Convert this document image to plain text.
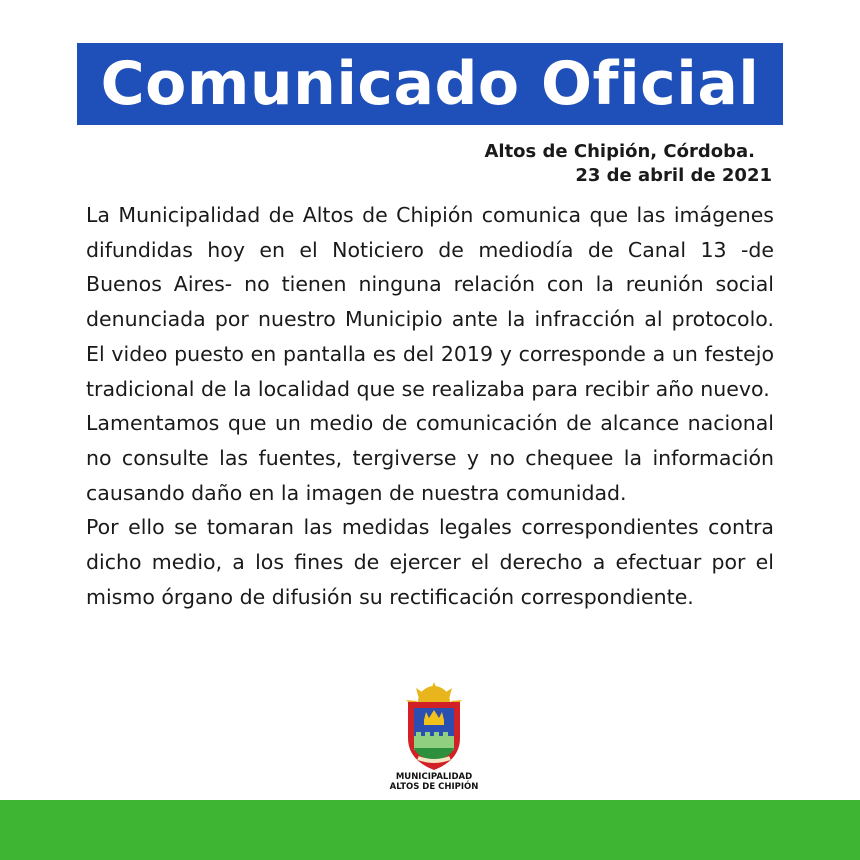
Comunicado Oficial
Altos de Chipión, Córdoba.
23 de abril de 2021

La Municipalidad de Altos de Chipión comunica que las imágenes difundidas hoy en el Noticiero de mediodía de Canal 13 -de Buenos Aires- no tienen ninguna relación con la reunión social denunciada por nuestro Municipio ante la infracción al protocolo. El video puesto en pantalla es del 2019 y corresponde a un festejo tradicional de la localidad que se realizaba para recibir año nuevo.

Lamentamos que un medio de comunicación de alcance nacional no consulte las fuentes, tergiverse y no chequee la información causando daño en la imagen de nuestra comunidad.

Por ello se tomaran las medidas legales correspondientes contra dicho medio, a los fines de ejercer el derecho a efectuar por el mismo órgano de difusión su rectificación correspondiente.

MUNICIPALIDAD
ALTOS DE CHIPIÓN
